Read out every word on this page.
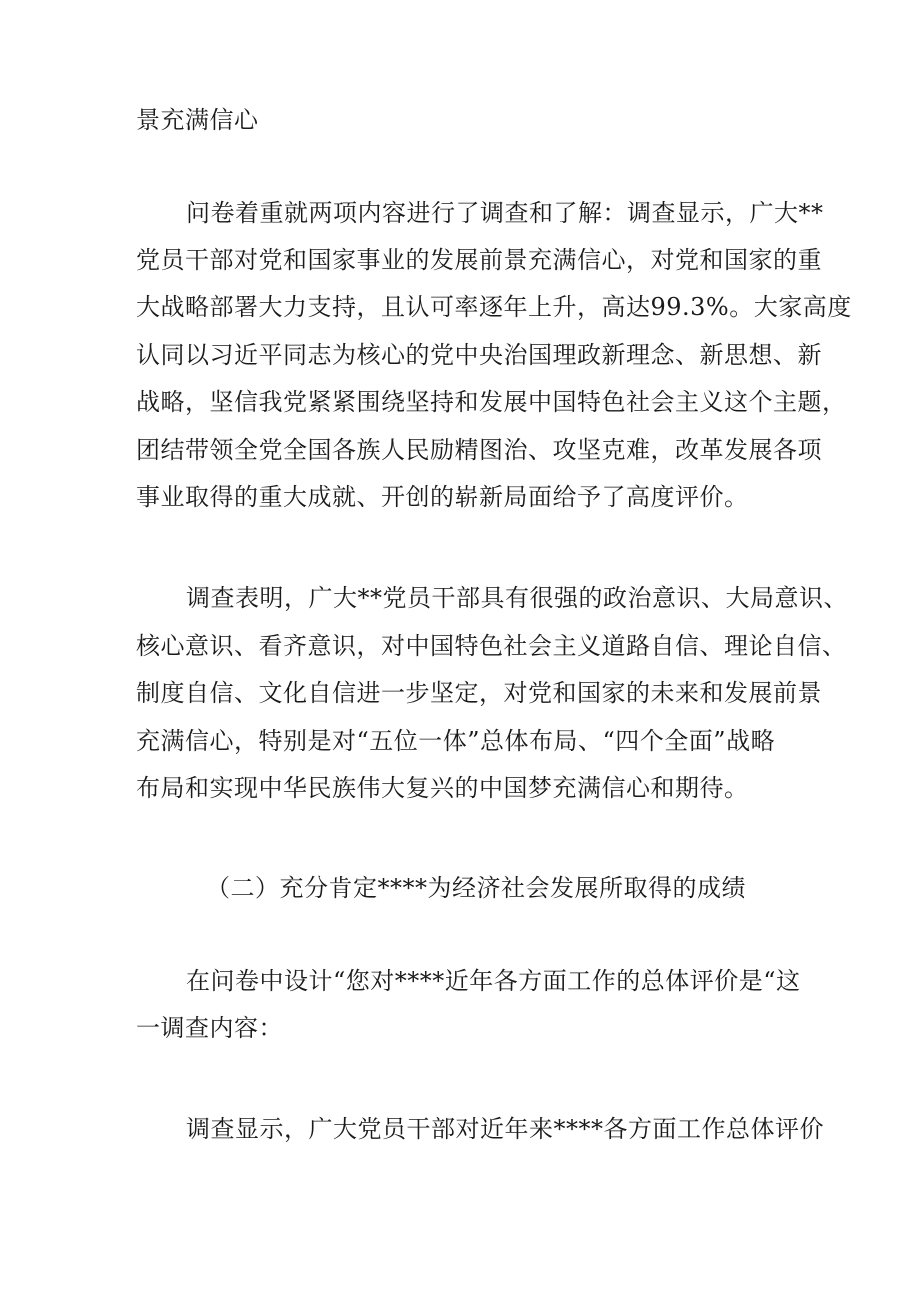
景充满信心
问卷着重就两项内容进行了调查和了解：调查显示，广大**
党员干部对党和国家事业的发展前景充满信心，对党和国家的重
大战略部署大力支持，且认可率逐年上升，高达99.3%。大家高度
认同以习近平同志为核心的党中央治国理政新理念、新思想、新
战略，坚信我党紧紧围绕坚持和发展中国特色社会主义这个主题，
团结带领全党全国各族人民励精图治、攻坚克难，改革发展各项
事业取得的重大成就、开创的崭新局面给予了高度评价。
调查表明，广大**党员干部具有很强的政治意识、大局意识、
核心意识、看齐意识，对中国特色社会主义道路自信、理论自信、
制度自信、文化自信进一步坚定，对党和国家的未来和发展前景
充满信心，特别是对“五位一体”总体布局、“四个全面”战略
布局和实现中华民族伟大复兴的中国梦充满信心和期待。
（二）充分肯定****为经济社会发展所取得的成绩
在问卷中设计“您对****近年各方面工作的总体评价是“这
一调查内容：
调查显示，广大党员干部对近年来****各方面工作总体评价
